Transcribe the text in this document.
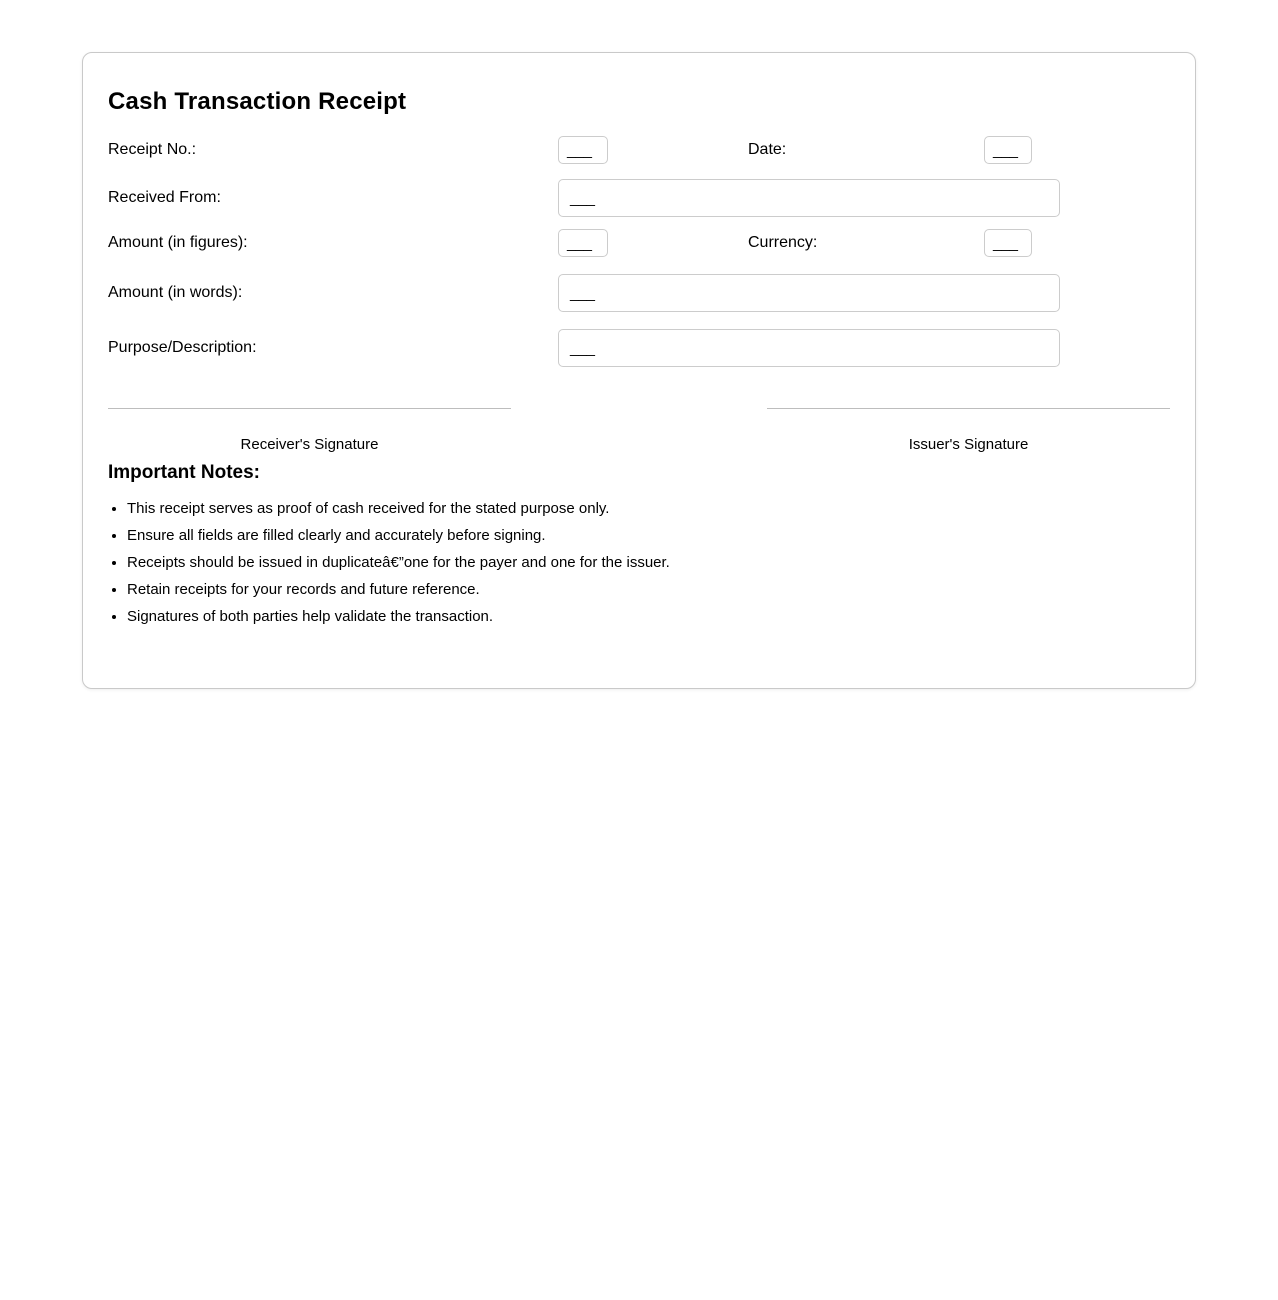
Cash Transaction Receipt
Receipt No.:	___	Date:	___
Received From:	___
Amount (in figures):	___	Currency:	___
Amount (in words):	___
Purpose/Description:	___
Receiver's Signature	Issuer's Signature
Important Notes:
• This receipt serves as proof of cash received for the stated purpose only.
• Ensure all fields are filled clearly and accurately before signing.
• Receipts should be issued in duplicateâ€”one for the payer and one for the issuer.
• Retain receipts for your records and future reference.
• Signatures of both parties help validate the transaction.
